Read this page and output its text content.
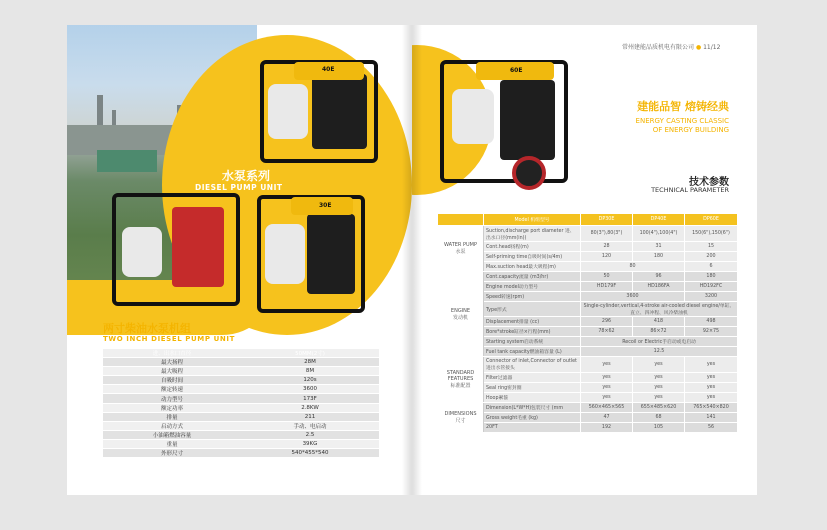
40E
水泵系列
DIESEL PUMP UNIT
30E
两寸柴油水泵机组
TWO INCH DIESEL PUMP UNIT
进、出水口直径	50MM(2寸)
最大扬程	28M
最大吸程	8M
自吸时间	120s
额定转速	3600
动力型号	173F
额定功率	2.8KW
排量	211
启动方式	手动、电启动
小油箱燃油容量	2.5
重量	39KG
外形尺寸	540*455*540
常州建能品质机电有限公司 ● 11/12
60E
建能品智 熔铸经典
ENERGY CASTING CLASSIC
OF ENERGY BUILDING
技术参数
TECHNICAL PARAMETER
	Model 机组型号	DP30E	DP40E	DP60E

WATER PUMP
水泵	Suction,discharge port diameter 进、出水口径(mm(in))	80(3"),80(3")	100(4"),100(4")	150(6"),150(6")
	Cont.head扬程(m)	28	31	15
	Self-priming time自吸时间(s/4m)	120	180	200
	Max.suction head最大吸程(m)	80		6

ENGINE
发动机	Cont.capacity流量 (m3/hr)	50	96	180
	Engine model动力型号	HD179F	HD186FA	HD192FC
	Speed转速(rpm)	3600		3200
	Type形式	Single-cylinder,vertical,4-stroke air-cooled diesel engine/单缸、直立、四冲程、风冷柴油机		
	Displacement排量 (cc)	296	418	498
	Bore*stroke缸径×行程(mm)	78×62	86×72	92×75
	Starting system启动系统	Recoil or Electric手启动或电启动		
	Fuel tank capacity燃油箱容量 (L)	12.5		

STANDARD FEATURES
标准配置	Connector of inlet,Connector of outlet进出水管接头	yes	yes	yes
	Filter过滤器	yes	yes	yes
	Seal ring密封圈	yes	yes	yes
	Hoop紧箍	yes	yes	yes

DIMENSIONS
尺寸	Dimension(L*W*H)包装尺寸 (mm	560×465×565	655×485×620	765×540×820
	Gross weight毛重 (kg)	47	68	141
	20FT	192	105	56
